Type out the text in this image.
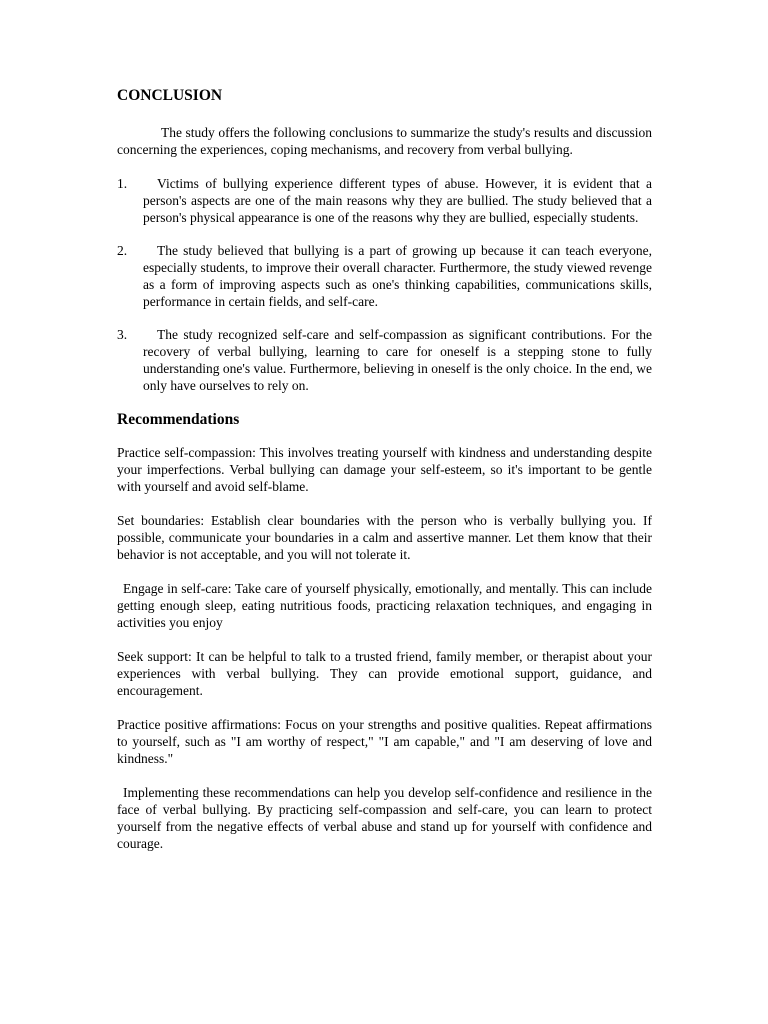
CONCLUSION

The study offers the following conclusions to summarize the study's results and discussion concerning the experiences, coping mechanisms, and recovery from verbal bullying.

1.	Victims of bullying experience different types of abuse. However, it is evident that a person's aspects are one of the main reasons why they are bullied. The study believed that a person's physical appearance is one of the reasons why they are bullied, especially students.
2.	The study believed that bullying is a part of growing up because it can teach everyone, especially students, to improve their overall character. Furthermore, the study viewed revenge as a form of improving aspects such as one's thinking capabilities, communications skills, performance in certain fields, and self-care.
3.	The study recognized self-care and self-compassion as significant contributions. For the recovery of verbal bullying, learning to care for oneself is a stepping stone to fully understanding one's value. Furthermore, believing in oneself is the only choice. In the end, we only have ourselves to rely on.
Recommendations

Practice self-compassion: This involves treating yourself with kindness and understanding despite your imperfections. Verbal bullying can damage your self-esteem, so it's important to be gentle with yourself and avoid self-blame.

Set boundaries: Establish clear boundaries with the person who is verbally bullying you. If possible, communicate your boundaries in a calm and assertive manner. Let them know that their behavior is not acceptable, and you will not tolerate it.

Engage in self-care: Take care of yourself physically, emotionally, and mentally. This can include getting enough sleep, eating nutritious foods, practicing relaxation techniques, and engaging in activities you enjoy

Seek support: It can be helpful to talk to a trusted friend, family member, or therapist about your experiences with verbal bullying. They can provide emotional support, guidance, and encouragement.

Practice positive affirmations: Focus on your strengths and positive qualities. Repeat affirmations to yourself, such as "I am worthy of respect," "I am capable," and "I am deserving of love and kindness."

Implementing these recommendations can help you develop self-confidence and resilience in the face of verbal bullying. By practicing self-compassion and self-care, you can learn to protect yourself from the negative effects of verbal abuse and stand up for yourself with confidence and courage.
